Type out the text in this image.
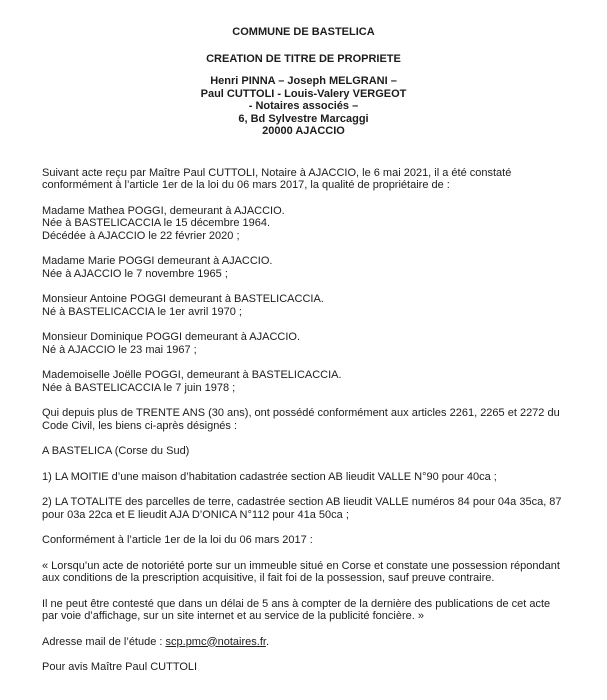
COMMUNE DE BASTELICA
CREATION DE TITRE DE PROPRIETE
Henri PINNA – Joseph MELGRANI –
Paul CUTTOLI - Louis-Valery VERGEOT
- Notaires associés –
6, Bd Sylvestre Marcaggi
20000 AJACCIO

Suivant acte reçu par Maître Paul CUTTOLI, Notaire à AJACCIO, le 6 mai 2021, il a été constaté conformément à l’article 1er de la loi du 06 mars 2017, la qualité de propriétaire de :

Madame Mathea POGGI, demeurant à AJACCIO.
Née à BASTELICACCIA le 15 décembre 1964.
Décédée à AJACCIO le 22 février 2020 ;

Madame Marie POGGI demeurant à AJACCIO.
Née à AJACCIO le 7 novembre 1965 ;

Monsieur Antoine POGGI demeurant à BASTELICACCIA.
Né à BASTELICACCIA le 1er avril 1970 ;

Monsieur Dominique POGGI demeurant à AJACCIO.
Né à AJACCIO le 23 mai 1967 ;

Mademoiselle Joëlle POGGI, demeurant à BASTELICACCIA.
Née à BASTELICACCIA le 7 juin 1978 ;

Qui depuis plus de TRENTE ANS (30 ans), ont possédé conformément aux articles 2261, 2265 et 2272 du Code Civil, les biens ci-après désignés :

A BASTELICA (Corse du Sud)

1) LA MOITIE d’une maison d’habitation cadastrée section AB lieudit VALLE N°90 pour 40ca ;

2) LA TOTALITE des parcelles de terre, cadastrée section AB lieudit VALLE numéros 84 pour 04a 35ca, 87 pour 03a 22ca et E lieudit AJA D’ONICA N°112 pour 41a 50ca ;

Conformément à l’article 1er de la loi du 06 mars 2017 :

« Lorsqu’un acte de notoriété porte sur un immeuble situé en Corse et constate une possession répondant aux conditions de la prescription acquisitive, il fait foi de la possession, sauf preuve contraire.

Il ne peut être contesté que dans un délai de 5 ans à compter de la dernière des publications de cet acte par voie d’affichage, sur un site internet et au service de la publicité foncière. »

Adresse mail de l’étude : scp.pmc@notaires.fr.

Pour avis Maître Paul CUTTOLI
